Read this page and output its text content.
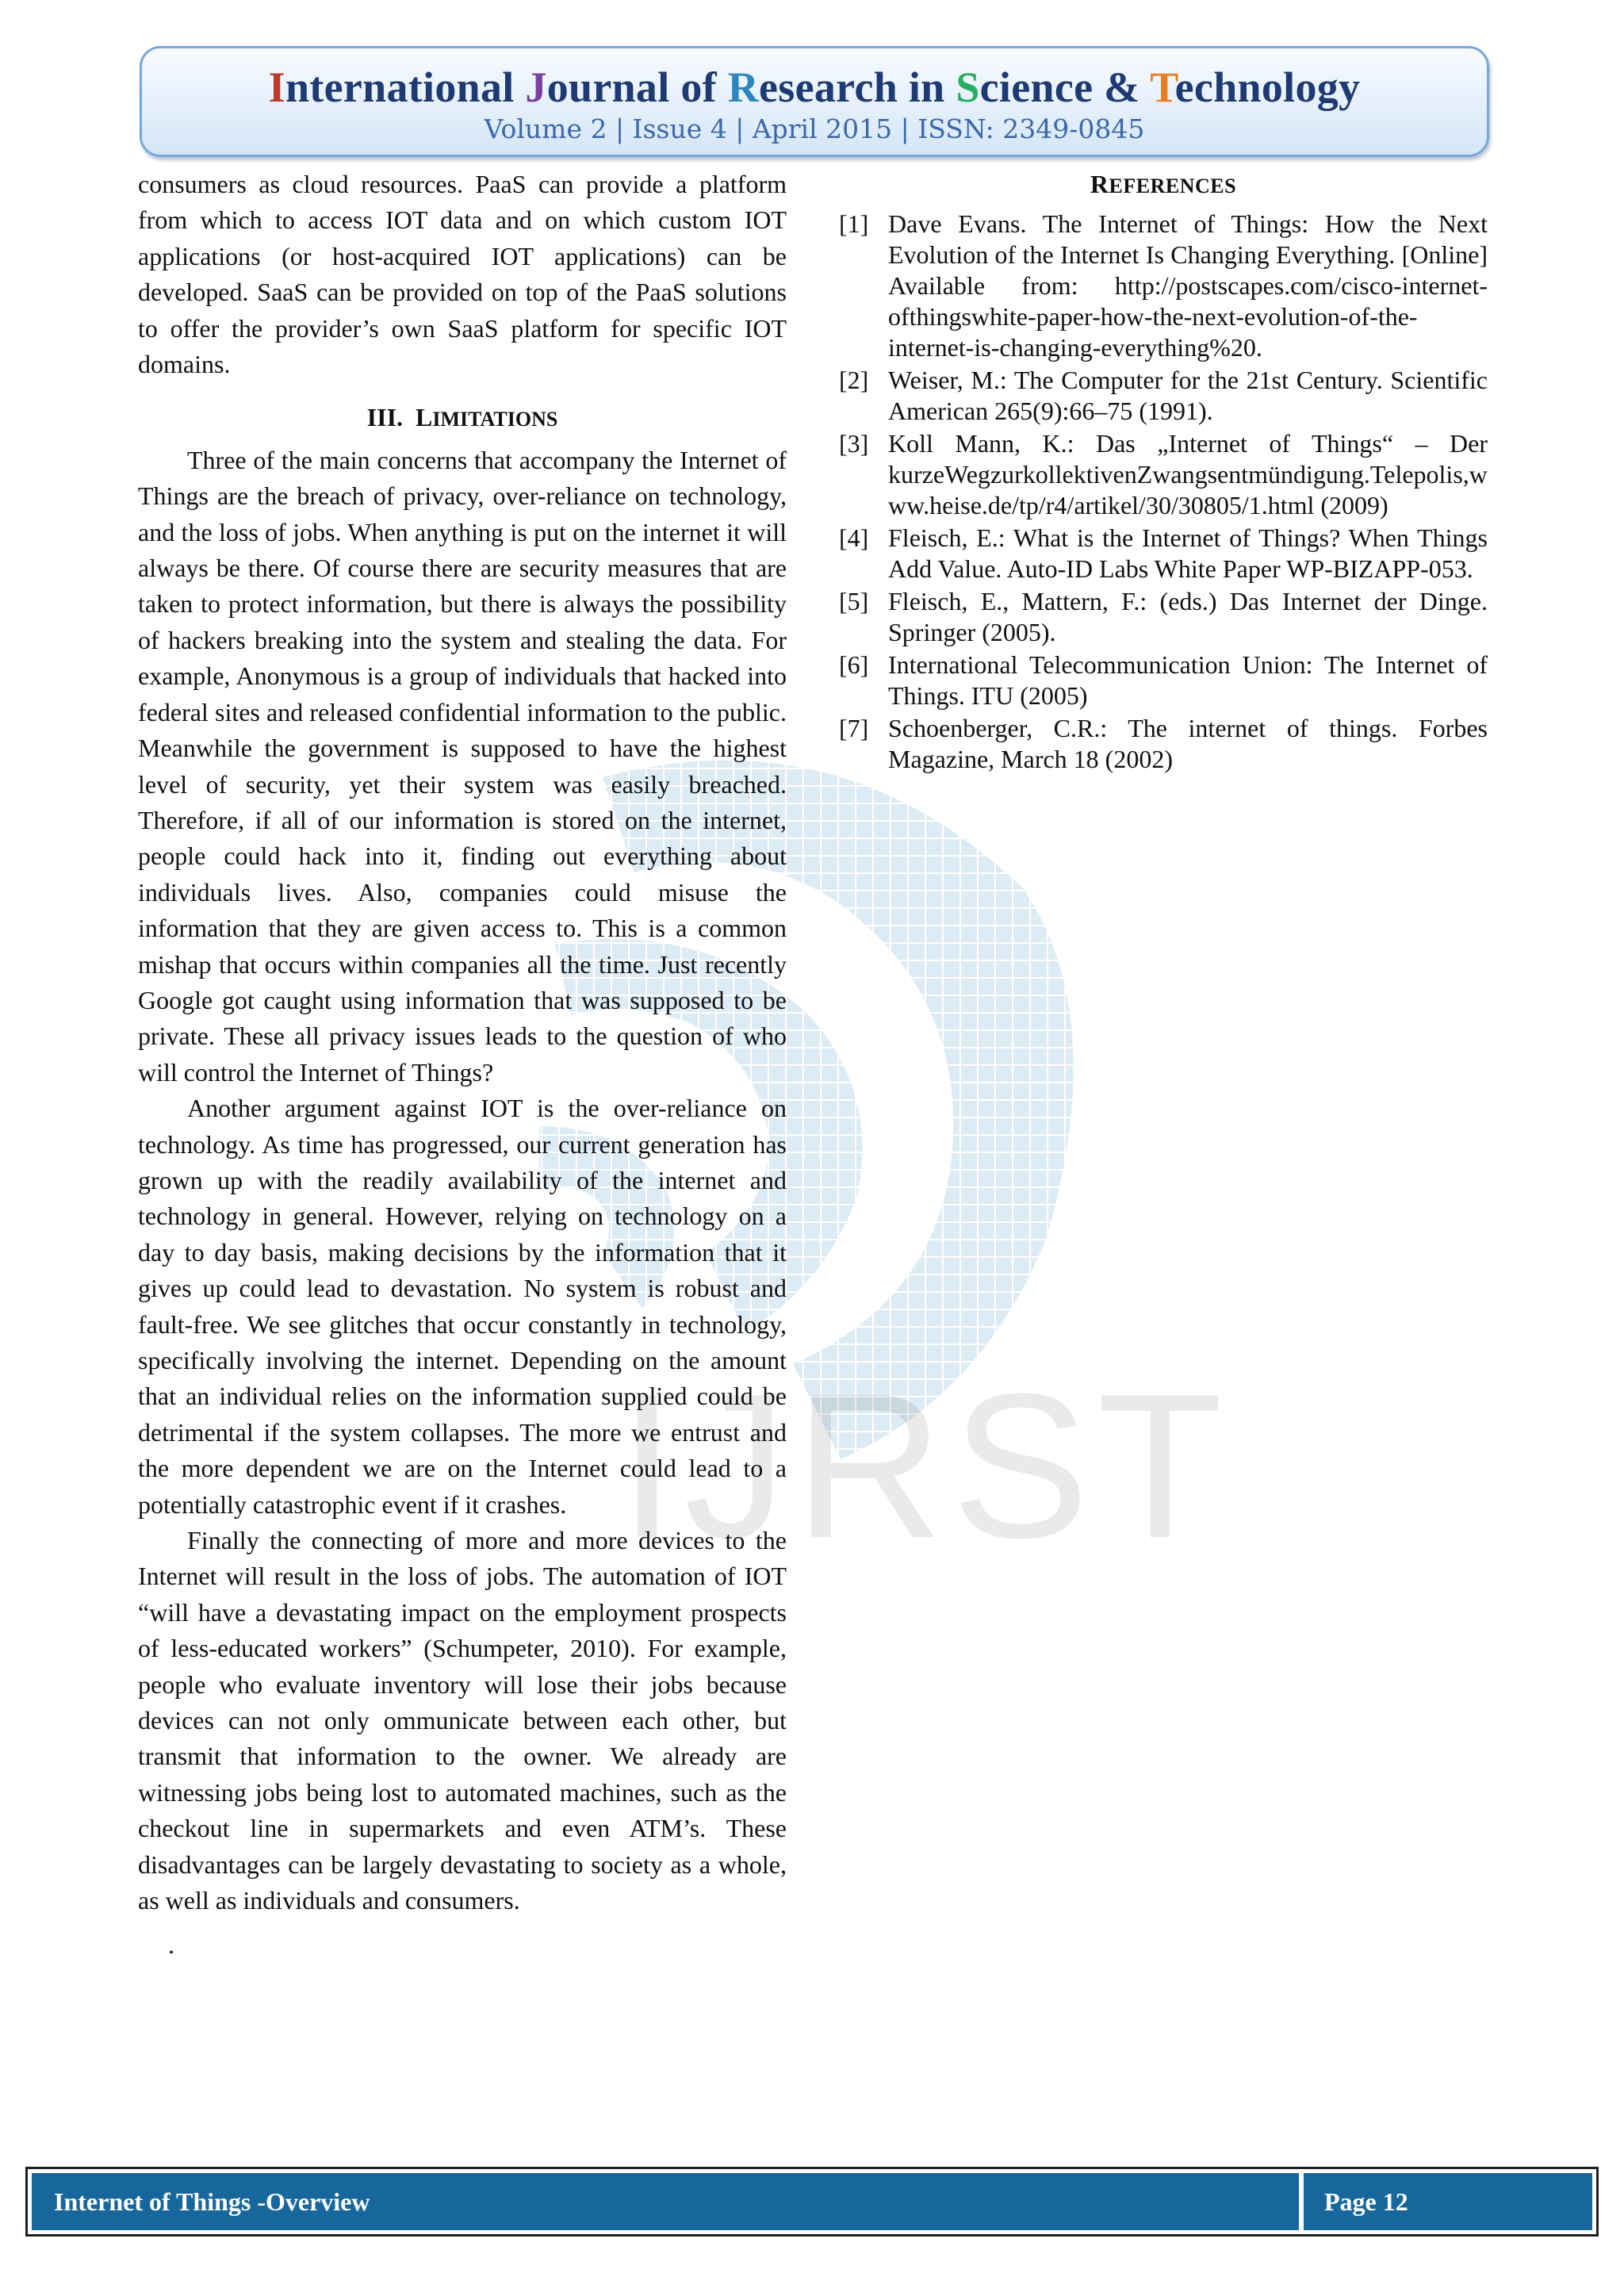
International Journal of Research in Science & Technology
Volume 2 | Issue 4 | April 2015 | ISSN: 2349-0845
IJRST

consumers as cloud resources. PaaS can provide a platform from which to access IOT data and on which custom IOT applications (or host-acquired IOT applications) can be developed. SaaS can be provided on top of the PaaS solutions to offer the provider’s own SaaS platform for specific IOT domains.

III. LIMITATIONS

Three of the main concerns that accompany the Internet of Things are the breach of privacy, over-reliance on technology, and the loss of jobs. When anything is put on the internet it will always be there. Of course there are security measures that are taken to protect information, but there is always the possibility of hackers breaking into the system and stealing the data. For example, Anonymous is a group of individuals that hacked into federal sites and released confidential information to the public. Meanwhile the government is supposed to have the highest level of security, yet their system was easily breached. Therefore, if all of our information is stored on the internet, people could hack into it, finding out everything about individuals lives. Also, companies could misuse the information that they are given access to. This is a common mishap that occurs within companies all the time. Just recently Google got caught using information that was supposed to be private. These all privacy issues leads to the question of who will control the Internet of Things?

Another argument against IOT is the over-reliance on technology. As time has progressed, our current generation has grown up with the readily availability of the internet and technology in general. However, relying on technology on a day to day basis, making decisions by the information that it gives up could lead to devastation. No system is robust and fault-free. We see glitches that occur constantly in technology, specifically involving the internet. Depending on the amount that an individual relies on the information supplied could be detrimental if the system collapses. The more we entrust and the more dependent we are on the Internet could lead to a potentially catastrophic event if it crashes.

Finally the connecting of more and more devices to the Internet will result in the loss of jobs. The automation of IOT “will have a devastating impact on the employment prospects of less-educated workers” (Schumpeter, 2010). For example, people who evaluate inventory will lose their jobs because devices can not only ommunicate between each other, but transmit that information to the owner. We already are witnessing jobs being lost to automated machines, such as the checkout line in supermarkets and even ATM’s. These disadvantages can be largely devastating to society as a whole, as well as individuals and consumers.

.
REFERENCES
[1] Dave Evans. The Internet of Things: How the Next Evolution of the Internet Is Changing Everything. [Online] Available from: http://postscapes.com/cisco-internet-ofthingswhite-paper-how-the-next-evolution-of-the-internet-is-changing-everything%20.
[2] Weiser, M.: The Computer for the 21st Century. Scientific American 265(9):66–75 (1991).
[3] Koll Mann, K.: Das „Internet of Things“ – Der kurzeWegzurkollektivenZwangsentmündigung.Telepolis,www.heise.de/tp/r4/artikel/30/30805/1.html (2009)
[4] Fleisch, E.: What is the Internet of Things? When Things Add Value. Auto-ID Labs White Paper WP-BIZAPP-053.
[5] Fleisch, E., Mattern, F.: (eds.) Das Internet der Dinge. Springer (2005).
[6] International Telecommunication Union: The Internet of Things. ITU (2005)
[7] Schoenberger, C.R.: The internet of things. Forbes Magazine, March 18 (2002)
Internet of Things -Overview	Page 12
